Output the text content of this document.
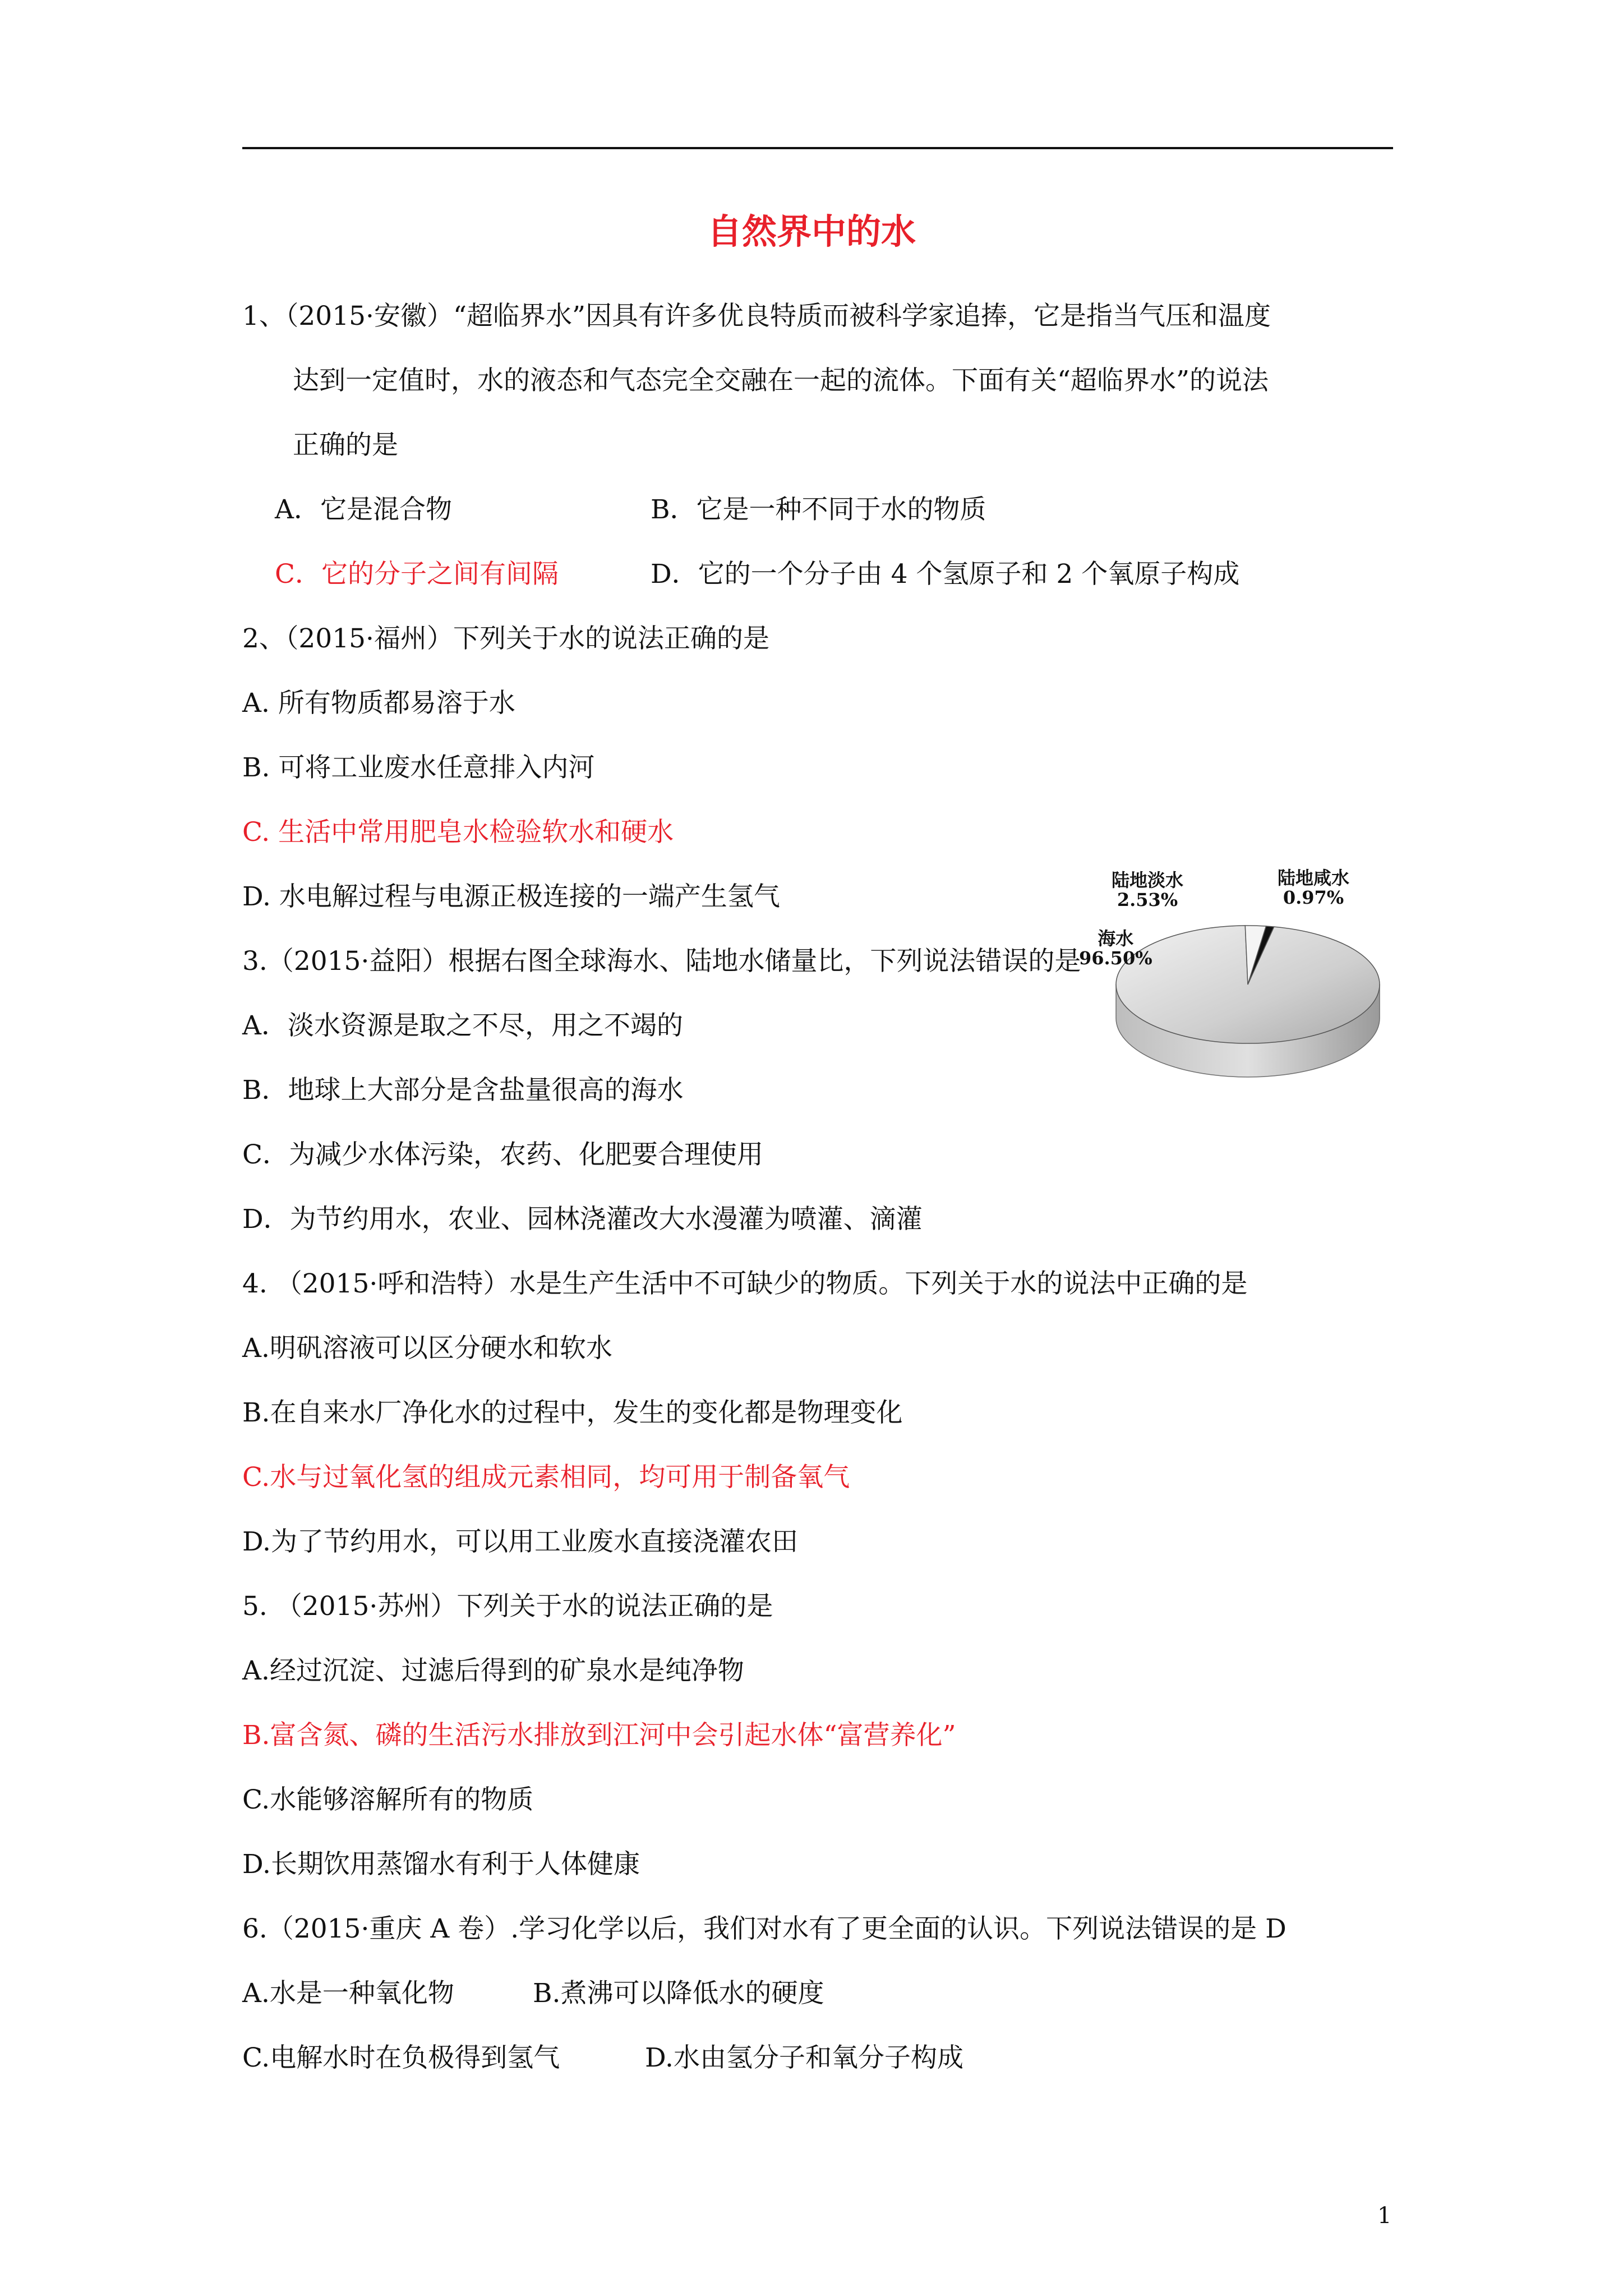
自然界中的水
1、（2015·安徽）“超临界水”因具有许多优良特质而被科学家追捧，它是指当气压和温度
达到一定值时，水的液态和气态完全交融在一起的流体。下面有关“超临界水”的说法
正确的是
A．它是混合物	B．它是一种不同于水的物质
C．它的分子之间有间隔	D．它的一个分子由 4 个氢原子和 2 个氧原子构成
2、（2015·福州）下列关于水的说法正确的是
A. 所有物质都易溶于水
B. 可将工业废水任意排入内河
C. 生活中常用肥皂水检验软水和硬水
D. 水电解过程与电源正极连接的一端产生氢气
3.（2015·益阳）根据右图全球海水、陆地水储量比，下列说法错误的是
A．淡水资源是取之不尽，用之不竭的
B．地球上大部分是含盐量很高的海水
C．为减少水体污染，农药、化肥要合理使用
D．为节约用水，农业、园林浇灌改大水漫灌为喷灌、滴灌
陆地淡水
2.53%
陆地咸水
0.97%
海水
96.50%
4. （2015·呼和浩特）水是生产生活中不可缺少的物质。下列关于水的说法中正确的是
A.明矾溶液可以区分硬水和软水
B.在自来水厂净化水的过程中，发生的变化都是物理变化
C.水与过氧化氢的组成元素相同，均可用于制备氧气
D.为了节约用水，可以用工业废水直接浇灌农田
5. （2015·苏州）下列关于水的说法正确的是
A.经过沉淀、过滤后得到的矿泉水是纯净物
B.富含氮、磷的生活污水排放到江河中会引起水体“富营养化”
C.水能够溶解所有的物质
D.长期饮用蒸馏水有利于人体健康
6.（2015·重庆 A 卷）.学习化学以后，我们对水有了更全面的认识。下列说法错误的是 D
A.水是一种氧化物	B.煮沸可以降低水的硬度
C.电解水时在负极得到氢气	D.水由氢分子和氧分子构成
1
